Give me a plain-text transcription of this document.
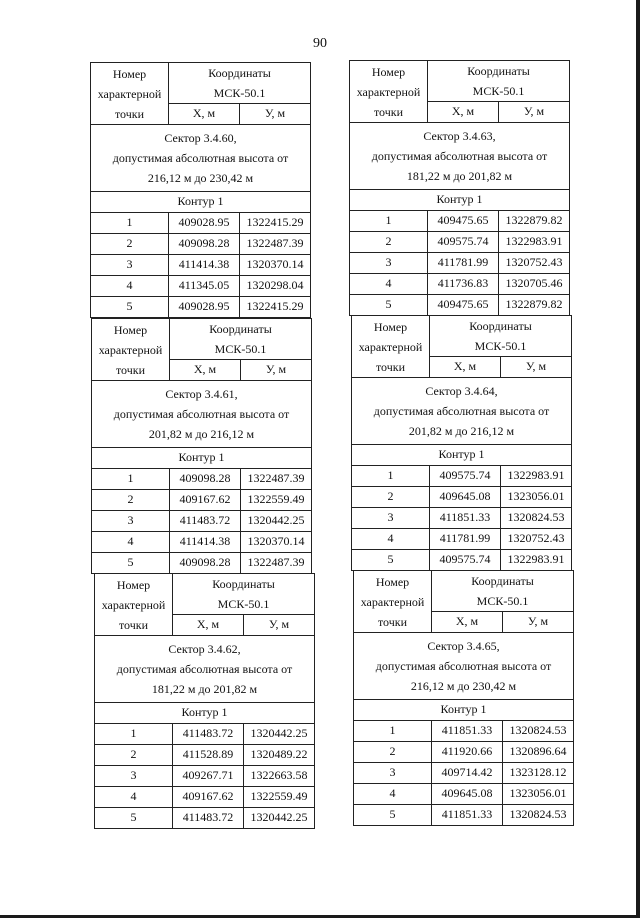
90
Номер
характерной
точки	Координаты
МСК-50.1	

	X, м	У, м

Сектор 3.4.60,
допустимая абсолютная высота от
216,12 м до 230,42 м		

Контур 1		
1	409028.95	1322415.29
2	409098.28	1322487.39
3	411414.38	1320370.14
4	411345.05	1320298.04
5	409028.95	1322415.29
Номер
характерной
точки	Координаты
МСК-50.1	

	X, м	У, м

Сектор 3.4.63,
допустимая абсолютная высота от
181,22 м до 201,82 м		

Контур 1		
1	409475.65	1322879.82
2	409575.74	1322983.91
3	411781.99	1320752.43
4	411736.83	1320705.46
5	409475.65	1322879.82
Номер
характерной
точки	Координаты
МСК-50.1	

	X, м	У, м

Сектор 3.4.61,
допустимая абсолютная высота от
201,82 м до 216,12 м		

Контур 1		
1	409098.28	1322487.39
2	409167.62	1322559.49
3	411483.72	1320442.25
4	411414.38	1320370.14
5	409098.28	1322487.39
Номер
характерной
точки	Координаты
МСК-50.1	

	X, м	У, м

Сектор 3.4.64,
допустимая абсолютная высота от
201,82 м до 216,12 м		

Контур 1		
1	409575.74	1322983.91
2	409645.08	1323056.01
3	411851.33	1320824.53
4	411781.99	1320752.43
5	409575.74	1322983.91
Номер
характерной
точки	Координаты
МСК-50.1	

	X, м	У, м

Сектор 3.4.62,
допустимая абсолютная высота от
181,22 м до 201,82 м		

Контур 1		
1	411483.72	1320442.25
2	411528.89	1320489.22
3	409267.71	1322663.58
4	409167.62	1322559.49
5	411483.72	1320442.25
Номер
характерной
точки	Координаты
МСК-50.1	

	X, м	У, м

Сектор 3.4.65,
допустимая абсолютная высота от
216,12 м до 230,42 м		

Контур 1		
1	411851.33	1320824.53
2	411920.66	1320896.64
3	409714.42	1323128.12
4	409645.08	1323056.01
5	411851.33	1320824.53
